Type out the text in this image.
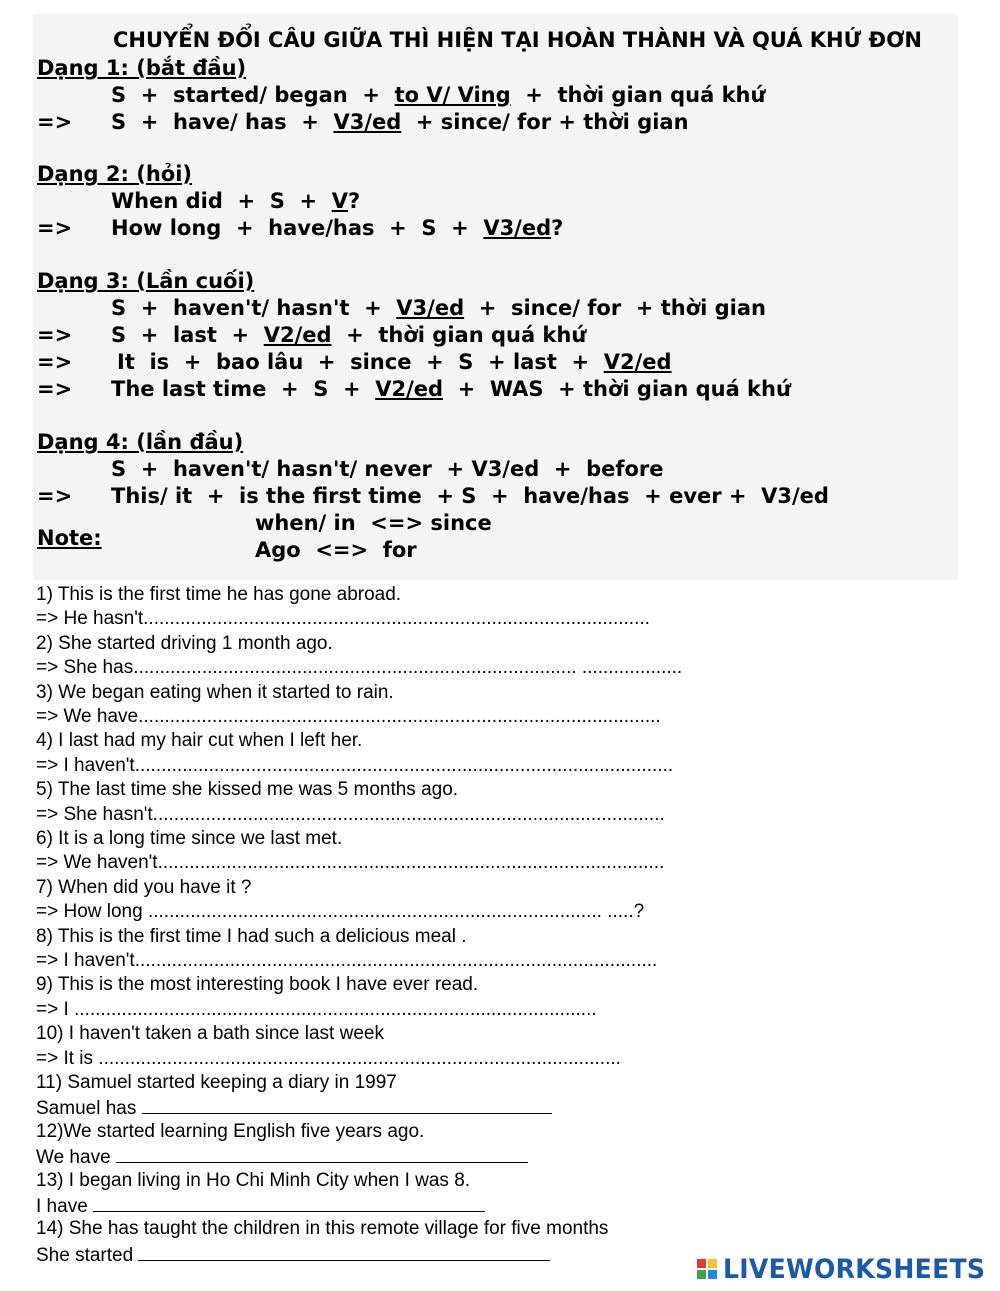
CHUYỂN ĐỔI CÂU GIỮA THÌ HIỆN TẠI HOÀN THÀNH VÀ QUÁ KHỨ ĐƠN
Dạng 1: (bắt đầu)
S  +  started/ began  +  to V/ Ving  +  thời gian quá khứ
=> S  +  have/ has  +  V3/ed  + since/ for + thời gian
Dạng 2: (hỏi)
When did  +  S  +  V?
=> How long  +  have/has  +  S  +  V3/ed?
Dạng 3: (Lần cuối)
S  +  haven't/ hasn't  +  V3/ed  +  since/ for  + thời gian
=> S  +  last  +  V2/ed  +  thời gian quá khứ
=> It  is  +  bao lâu  +  since  +  S  + last  +  V2/ed
=> The last time  +  S  +  V2/ed  +  WAS  + thời gian quá khứ
Dạng 4: (lần đầu)
S  +  haven't/ hasn't/ never  + V3/ed  +  before
=> This/ it  +  is the first time  + S  +  have/has  + ever +  V3/ed
Note:
when/ in  <=> since
Ago  <=>  for
1) This is the first time he has gone abroad.
=> He hasn't................................................................................................
2) She started driving 1 month ago.
=> She has.................................................................................... ...................
3) We began eating when it started to rain.
=> We have...................................................................................................
4) I last had my hair cut when I left her.
=> I haven't......................................................................................................
5) The last time she kissed me was 5 months ago.
=> She hasn't.................................................................................................
6) It is a long time since we last met.
=> We haven't................................................................................................
7) When did you have it ?
=> How long ...................................................................................... .....?
8) This is the first time I had such a delicious meal .
=> I haven't...................................................................................................
9) This is the most interesting book I have ever read.
=> I ...................................................................................................
10) I haven't taken a bath since last week
=> It is ...................................................................................................
11) Samuel started keeping a diary in 1997
Samuel has
12)We started learning English five years ago.
We have
13) I began living in Ho Chi Minh City when I was 8.
I have
14) She has taught the children in this remote village for five months
She started	LIVEWORKSHEETS
